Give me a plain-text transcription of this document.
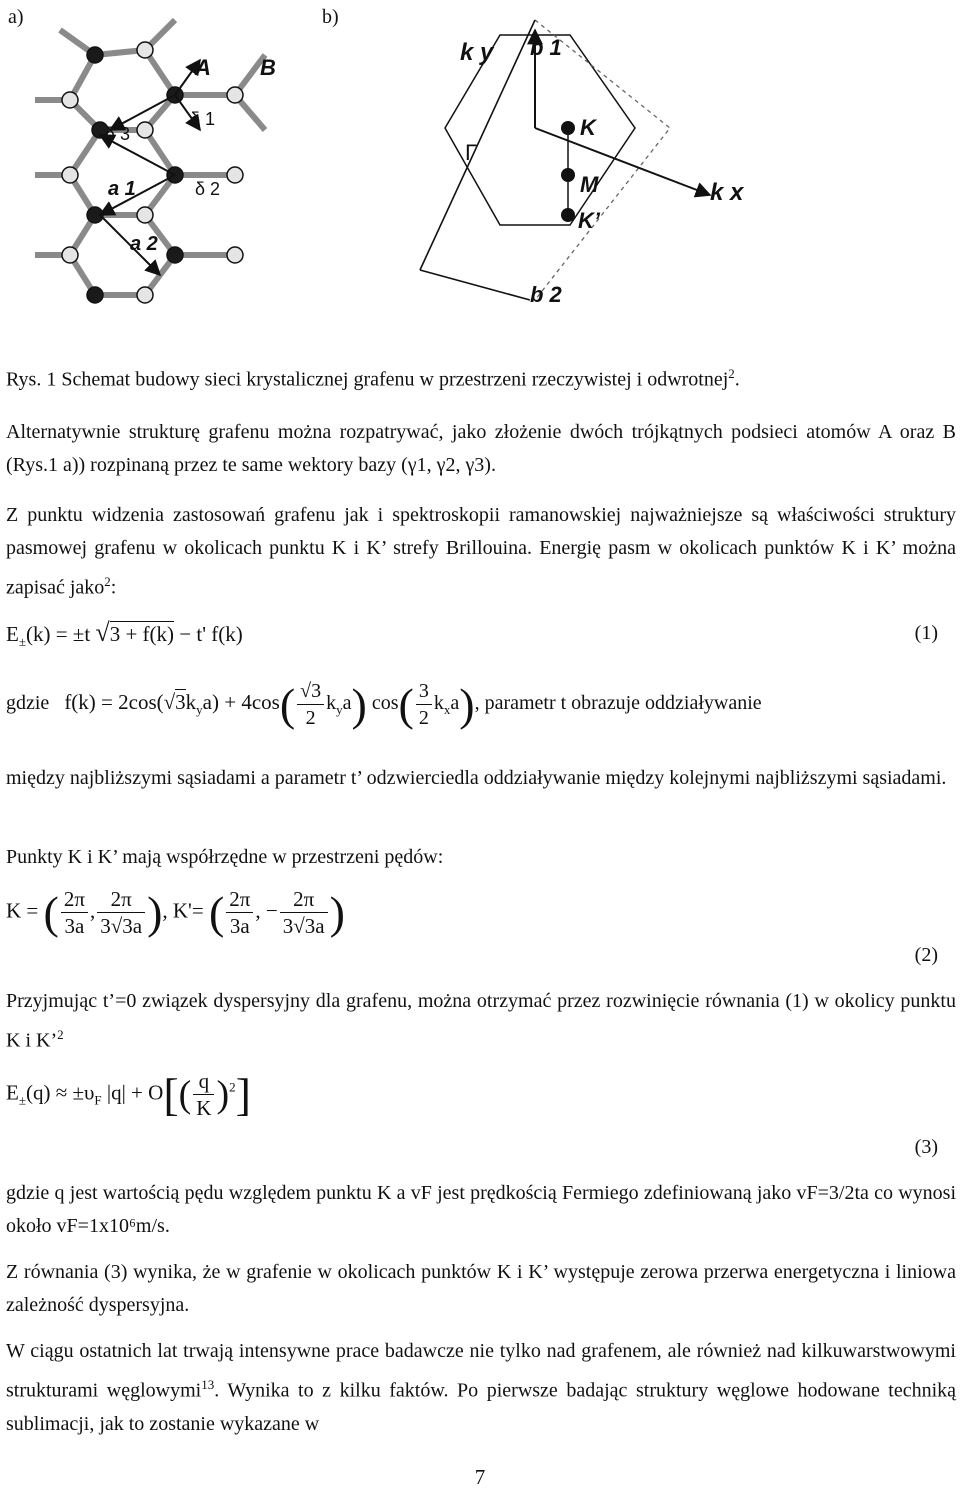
a)	b)
A B
δ 3
δ 1
δ 2
a 1
a 2
k y b 1
Γ
K
M
K’
k x
b 2
Rys. 1 Schemat budowy sieci krystalicznej grafenu w przestrzeni rzeczywistej i odwrotnej$^2$.
Alternatywnie strukturę grafenu można rozpatrywać, jako złożenie dwóch trójkątnych podsieci atomów A oraz B (Rys.1 a)) rozpinaną przez te same wektory bazy (γ1, γ2, γ3).
Z punktu widzenia zastosowań grafenu jak i spektroskopii ramanowskiej najważniejsze są właściwości struktury pasmowej grafenu w okolicach punktu K i K’ strefy Brillouina. Energię pasm w okolicach punktów K i K’ można zapisać jako$^2$:
$E_\pm(k) = \pm t$ √3 + f(k) − t' f(k)	(1)
gdzie $f(k) = 2\cos(√3k_ya) + 4\cos( \frac{√3}{2} k_ya)$ $\cos( \frac{3}{2} k_xa)$, parametr t obrazuje oddziaływanie
między najbliższymi sąsiadami a parametr t’ odzwierciedla oddziaływanie między kolejnymi najbliższymi sąsiadami.
Punkty K i K’ mają współrzędne w przestrzeni pędów:
K = ( $\frac{2\pi}{3a}$ , $\frac{2\pi}{3√3a}$ ), K'= ( $\frac{2\pi}{3a}$ , − $\frac{2\pi}{3√3a}$ )
(2)
Przyjmując t’=0 związek dyspersyjny dla grafenu, można otrzymać przez rozwinięcie równania (1) w okolicy punktu K i K’$^2$
$E_\pm(q) \approx \pm\upsilon_F$ $|q| + O[( \frac{q}{K} )^2]$
(3)
gdzie q jest wartością pędu względem punktu K a vF jest prędkością Fermiego zdefiniowaną jako vF=3/2ta co wynosi około vF=1x10⁶m/s.
Z równania (3) wynika, że w grafenie w okolicach punktów K i K’ występuje zerowa przerwa energetyczna i liniowa zależność dyspersyjna.
W ciągu ostatnich lat trwają intensywne prace badawcze nie tylko nad grafenem, ale również nad kilkuwarstwowymi strukturami węglowymi$^{13}$. Wynika to z kilku faktów. Po pierwsze badając struktury węglowe hodowane techniką sublimacji, jak to zostanie wykazane w
7
